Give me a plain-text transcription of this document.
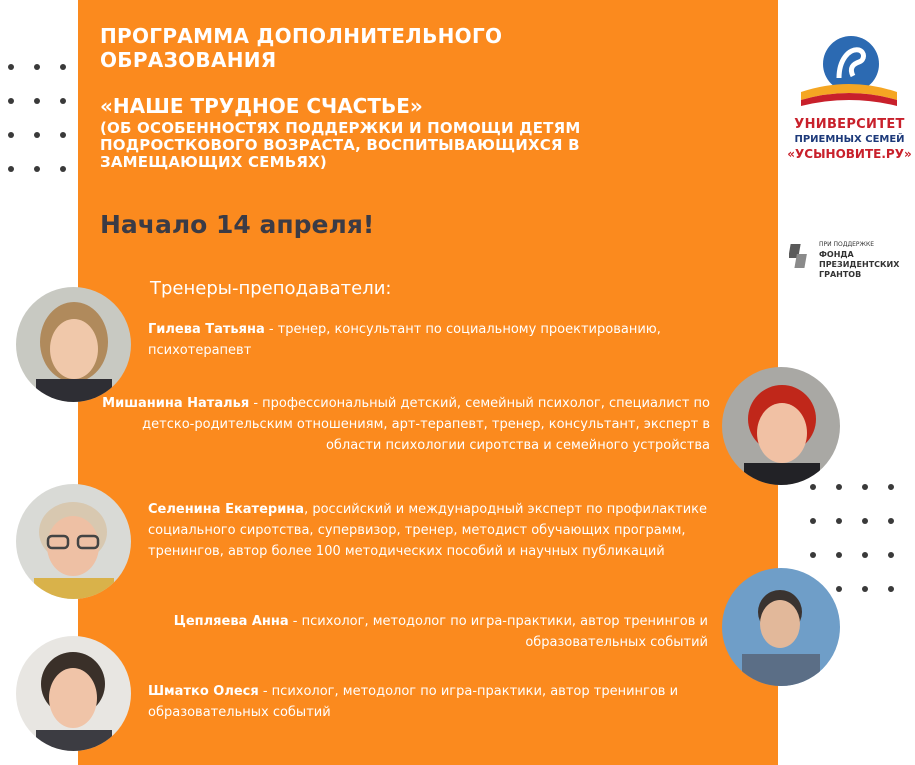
ПРОГРАММА ДОПОЛНИТЕЛЬНОГО ОБРАЗОВАНИЯ
«НАШЕ ТРУДНОЕ СЧАСТЬЕ»
(ОБ ОСОБЕННОСТЯХ ПОДДЕРЖКИ И ПОМОЩИ ДЕТЯМ ПОДРОСТКОВОГО ВОЗРАСТА, ВОСПИТЫВАЮЩИХСЯ В ЗАМЕЩАЮЩИХ СЕМЬЯХ)
Начало 14 апреля!
Тренеры-преподаватели:
Гилева Татьяна - тренер, консультант по социальному проектированию, психотерапевт
Мишанина Наталья - профессиональный детский, семейный психолог, специалист по детско-родительским отношениям, арт-терапевт, тренер, консультант, эксперт в области психологии сиротства и семейного устройства
Селенина Екатерина, российский и международный эксперт по профилактике социального сиротства, супервизор, тренер, методист обучающих программ, тренингов, автор более 100 методических пособий и научных публикаций
Цепляева Анна - психолог, методолог по игра-практики, автор тренингов и образовательных событий
Шматко Олеся - психолог, методолог по игра-практики, автор тренингов и образовательных событий
УНИВЕРСИТЕТ
ПРИЕМНЫХ СЕМЕЙ
«УСЫНОВИТЕ.РУ»
ПРИ ПОДДЕРЖКЕ
ФОНДА
ПРЕЗИДЕНТСКИХ
ГРАНТОВ
